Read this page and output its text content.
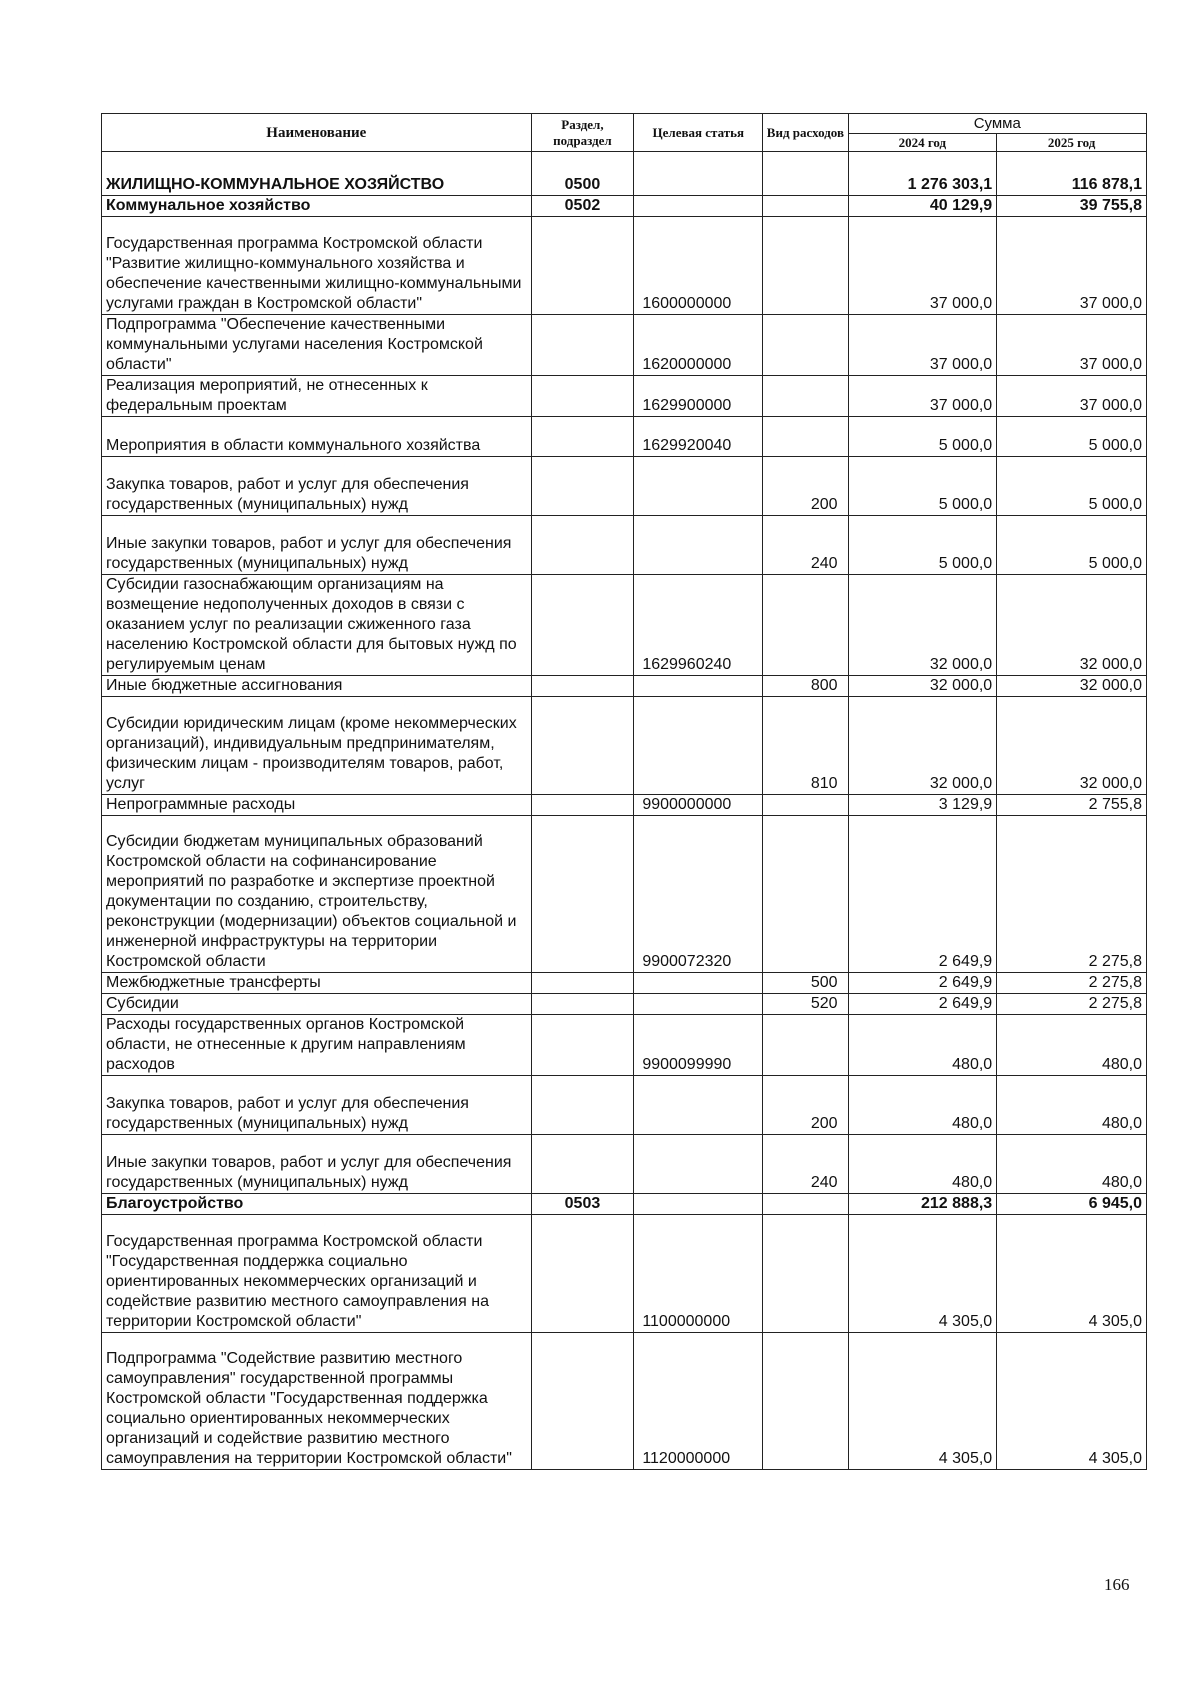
Наименование	Раздел, подраздел	Целевая статья	Вид расходов	Сумма	
				2024 год	2025 год
ЖИЛИЩНО-КОММУНАЛЬНОЕ ХОЗЯЙСТВО	0500			1 276 303,1	116 878,1
Коммунальное хозяйство	0502			40 129,9	39 755,8
Государственная программа Костромской области "Развитие жилищно-коммунального хозяйства и обеспечение качественными жилищно-коммунальными услугами граждан в Костромской области"		1600000000		37 000,0	37 000,0
Подпрограмма "Обеспечение качественными коммунальными услугами населения Костромской области"		1620000000		37 000,0	37 000,0
Реализация мероприятий, не отнесенных к федеральным проектам		1629900000		37 000,0	37 000,0
Мероприятия в области коммунального хозяйства		1629920040		5 000,0	5 000,0
Закупка товаров, работ и услуг для обеспечения государственных (муниципальных) нужд			200	5 000,0	5 000,0
Иные закупки товаров, работ и услуг для обеспечения государственных (муниципальных) нужд			240	5 000,0	5 000,0
Субсидии газоснабжающим организациям на возмещение недополученных доходов в связи с оказанием услуг по реализации сжиженного газа населению Костромской области для бытовых нужд по регулируемым ценам		1629960240		32 000,0	32 000,0
Иные бюджетные ассигнования			800	32 000,0	32 000,0
Субсидии юридическим лицам (кроме некоммерческих организаций), индивидуальным предпринимателям, физическим лицам - производителям товаров, работ, услуг			810	32 000,0	32 000,0
Непрограммные расходы		9900000000		3 129,9	2 755,8
Субсидии бюджетам муниципальных образований Костромской области на софинансирование мероприятий по разработке и экспертизе проектной документации по созданию, строительству, реконструкции (модернизации) объектов социальной и инженерной инфраструктуры на территории Костромской области		9900072320		2 649,9	2 275,8
Межбюджетные трансферты			500	2 649,9	2 275,8
Субсидии			520	2 649,9	2 275,8
Расходы государственных органов Костромской области, не отнесенные к другим направлениям расходов		9900099990		480,0	480,0
Закупка товаров, работ и услуг для обеспечения государственных (муниципальных) нужд			200	480,0	480,0
Иные закупки товаров, работ и услуг для обеспечения государственных (муниципальных) нужд			240	480,0	480,0
Благоустройство	0503			212 888,3	6 945,0
Государственная программа Костромской области "Государственная поддержка социально ориентированных некоммерческих организаций и содействие развитию местного самоуправления на территории Костромской области"		1100000000		4 305,0	4 305,0
Подпрограмма "Содействие развитию местного самоуправления" государственной программы Костромской области "Государственная поддержка социально ориентированных некоммерческих организаций и содействие развитию местного самоуправления на территории Костромской области"		1120000000		4 305,0	4 305,0
166
